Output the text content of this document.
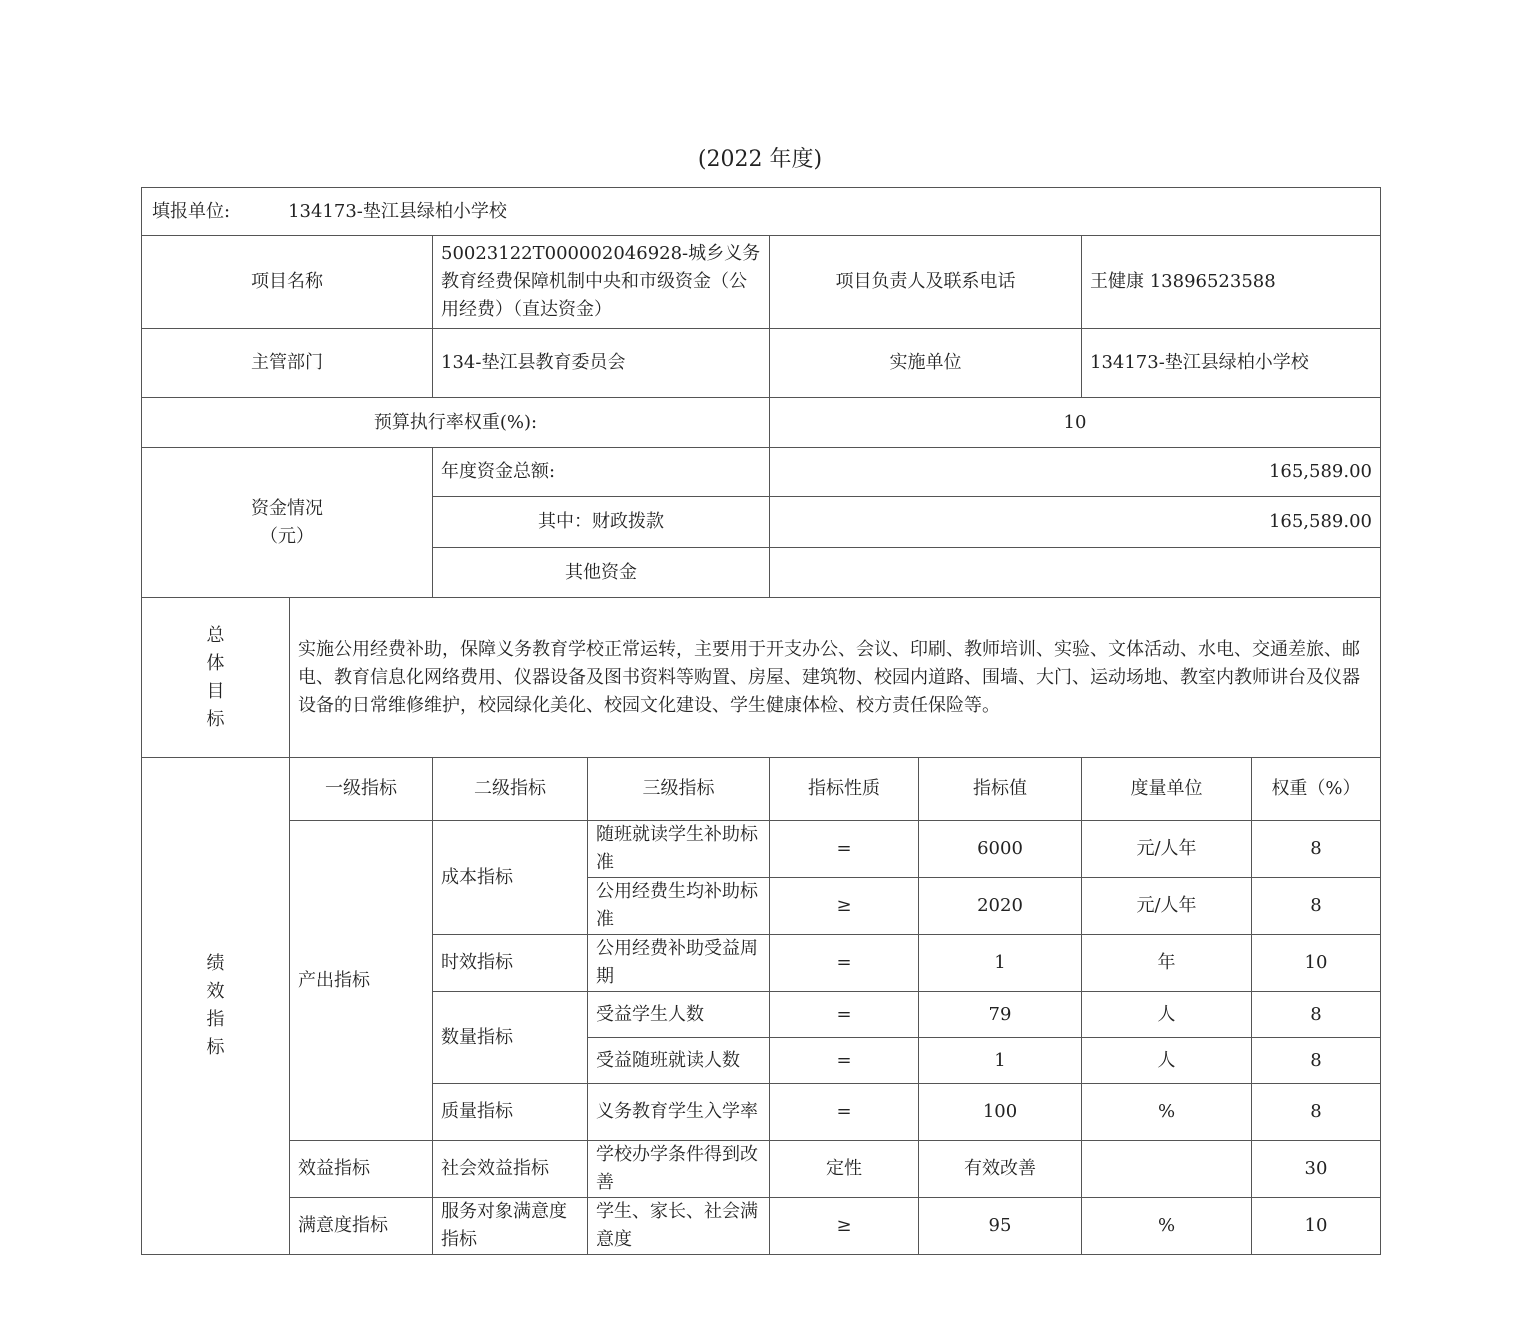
(2022 年度)
填报单位: 134173-垫江县绿柏小学校							
项目名称		50023122T000002046928-城乡义务教育经费保障机制中央和市级资金（公用经费）（直达资金）		项目负责人及联系电话		王健康 13896523588	
主管部门		134-垫江县教育委员会		实施单位		134173-垫江县绿柏小学校	
预算执行率权重(%):				10			

资金情况
（元）		年度资金总额:		165,589.00			
		其中：财政拨款		165,589.00			
		其他资金					

总
体
目
标	实施公用经费补助，保障义务教育学校正常运转，主要用于开支办公、会议、印刷、教师培训、实验、文体活动、水电、交通差旅、邮电、教育信息化网络费用、仪器设备及图书资料等购置、房屋、建筑物、校园内道路、围墙、大门、运动场地、教室内教师讲台及仪器设备的日常维修维护，校园绿化美化、校园文化建设、学生健康体检、校方责任保险等。						

绩
效
指
标	一级指标	二级指标	三级指标	指标性质	指标值	度量单位	权重（%）
	产出指标	成本指标	随班就读学生补助标准	=	6000	元/人年	8
			公用经费生均补助标准	≥	2020	元/人年	8
		时效指标	公用经费补助受益周期	=	1	年	10
		数量指标	受益学生人数	=	79	人	8
			受益随班就读人数	=	1	人	8
		质量指标	义务教育学生入学率	=	100	%	8
	效益指标	社会效益指标	学校办学条件得到改善	定性	有效改善		30
	满意度指标	服务对象满意度指标	学生、家长、社会满意度	≥	95	%	10
